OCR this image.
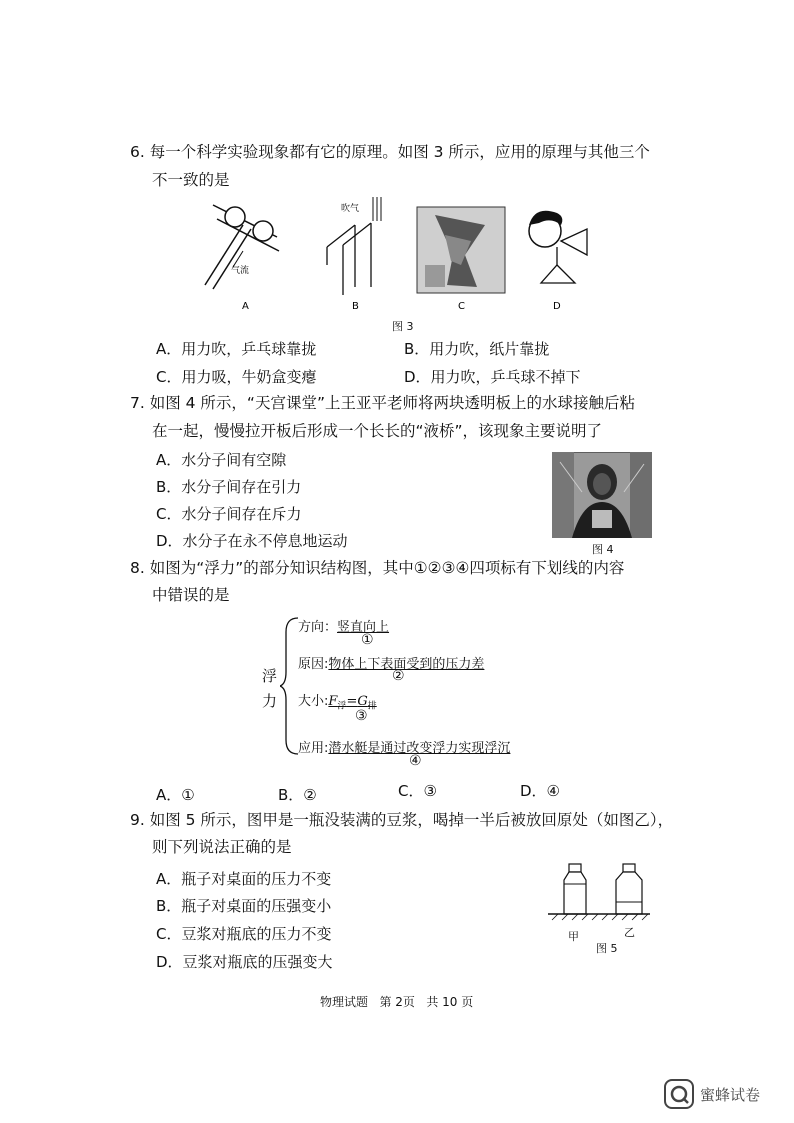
6. 每一个科学实验现象都有它的原理。如图 3 所示，应用的原理与其他三个
不一致的是
气流
A
吹气
B	C	D
图 3
A．用力吹，乒乓球靠拢	B．用力吹，纸片靠拢
C．用力吸，牛奶盒变瘪	D．用力吹，乒乓球不掉下
7. 如图 4 所示，“天宫课堂”上王亚平老师将两块透明板上的水球接触后粘
在一起，慢慢拉开板后形成一个长长的“液桥”，该现象主要说明了
A．水分子间有空隙
B．水分子间存在引力
C．水分子间存在斥力
D．水分子在永不停息地运动	图 4
8. 如图为“浮力”的部分知识结构图，其中①②③④四项标有下划线的内容
中错误的是
浮
力
方向：竖直向上
①
原因:物体上下表面受到的压力差
②
大小$:F_浮=G_排$
③
应用:潜水艇是通过改变浮力实现浮沉
④
A．①	B．②	C．③	D．④
9. 如图 5 所示，图甲是一瓶没装满的豆浆，喝掉一半后被放回原处（如图乙），
则下列说法正确的是
A．瓶子对桌面的压力不变
B．瓶子对桌面的压强变小
C．豆浆对瓶底的压力不变
D．豆浆对瓶底的压强变大
甲	乙
图 5
物理试题   第 2页   共 10 页
蜜蜂试卷
